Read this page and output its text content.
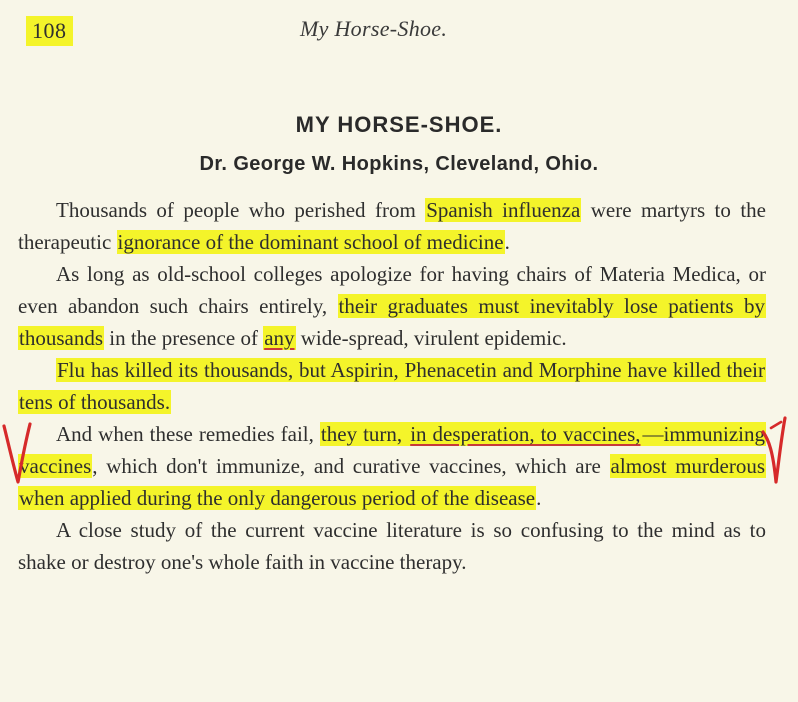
108	My Horse-Shoe.
MY HORSE-SHOE.
Dr. George W. Hopkins, Cleveland, Ohio.

Thousands of people who perished from Spanish influenza were martyrs to the therapeutic ignorance of the dominant school of medicine.

As long as old-school colleges apologize for having chairs of Materia Medica, or even abandon such chairs entirely, their graduates must inevitably lose patients by thousands in the presence of any wide-spread, virulent epidemic.

Flu has killed its thousands, but Aspirin, Phenacetin and Morphine have killed their tens of thousands.

And when these remedies fail, they turn, in desperation, to vaccines,—immunizing vaccines, which don't immunize, and curative vaccines, which are almost murderous when applied during the only dangerous period of the disease.

A close study of the current vaccine literature is so confusing to the mind as to shake or destroy one's whole faith in vaccine therapy.
